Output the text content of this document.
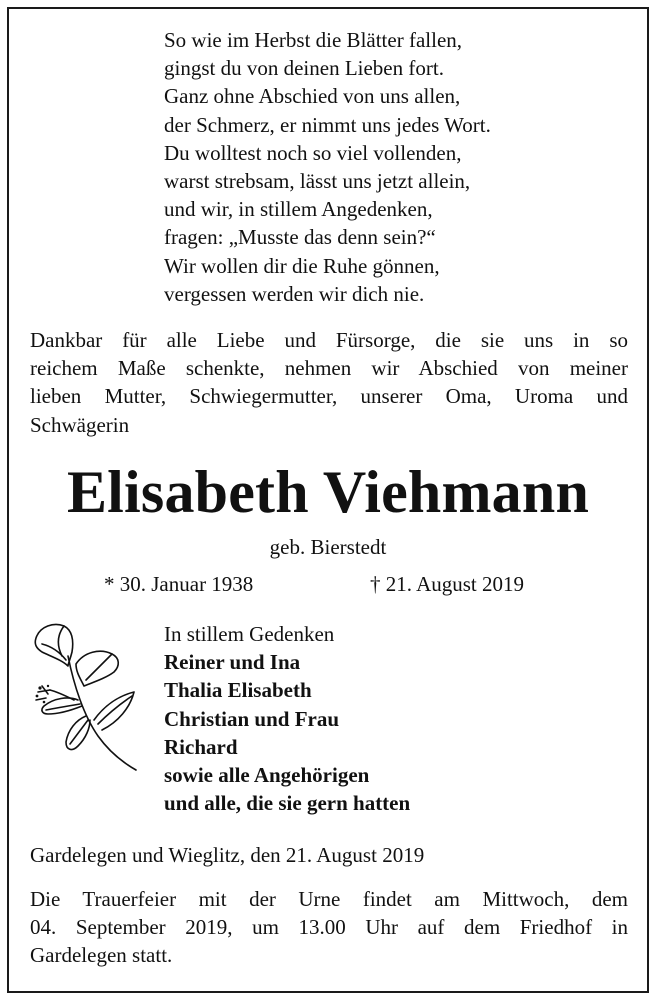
So wie im Herbst die Blätter fallen,
gingst du von deinen Lieben fort.
Ganz ohne Abschied von uns allen,
der Schmerz, er nimmt uns jedes Wort.
Du wolltest noch so viel vollenden,
warst strebsam, lässt uns jetzt allein,
und wir, in stillem Angedenken,
fragen: „Musste das denn sein?“
Wir wollen dir die Ruhe gönnen,
vergessen werden wir dich nie.
Dankbar für alle Liebe und Fürsorge, die sie uns in so
reichem Maße schenkte, nehmen wir Abschied von meiner
lieben Mutter, Schwiegermutter, unserer Oma, Uroma und
Schwägerin
Elisabeth Viehmann
geb. Bierstedt
* 30. Januar 1938	† 21. August 2019
In stillem Gedenken
Reiner und Ina
Thalia Elisabeth
Christian und Frau
Richard
sowie alle Angehörigen
und alle, die sie gern hatten
Gardelegen und Wieglitz, den 21. August 2019
Die Trauerfeier mit der Urne findet am Mittwoch, dem
04. September 2019, um 13.00 Uhr auf dem Friedhof in
Gardelegen statt.
